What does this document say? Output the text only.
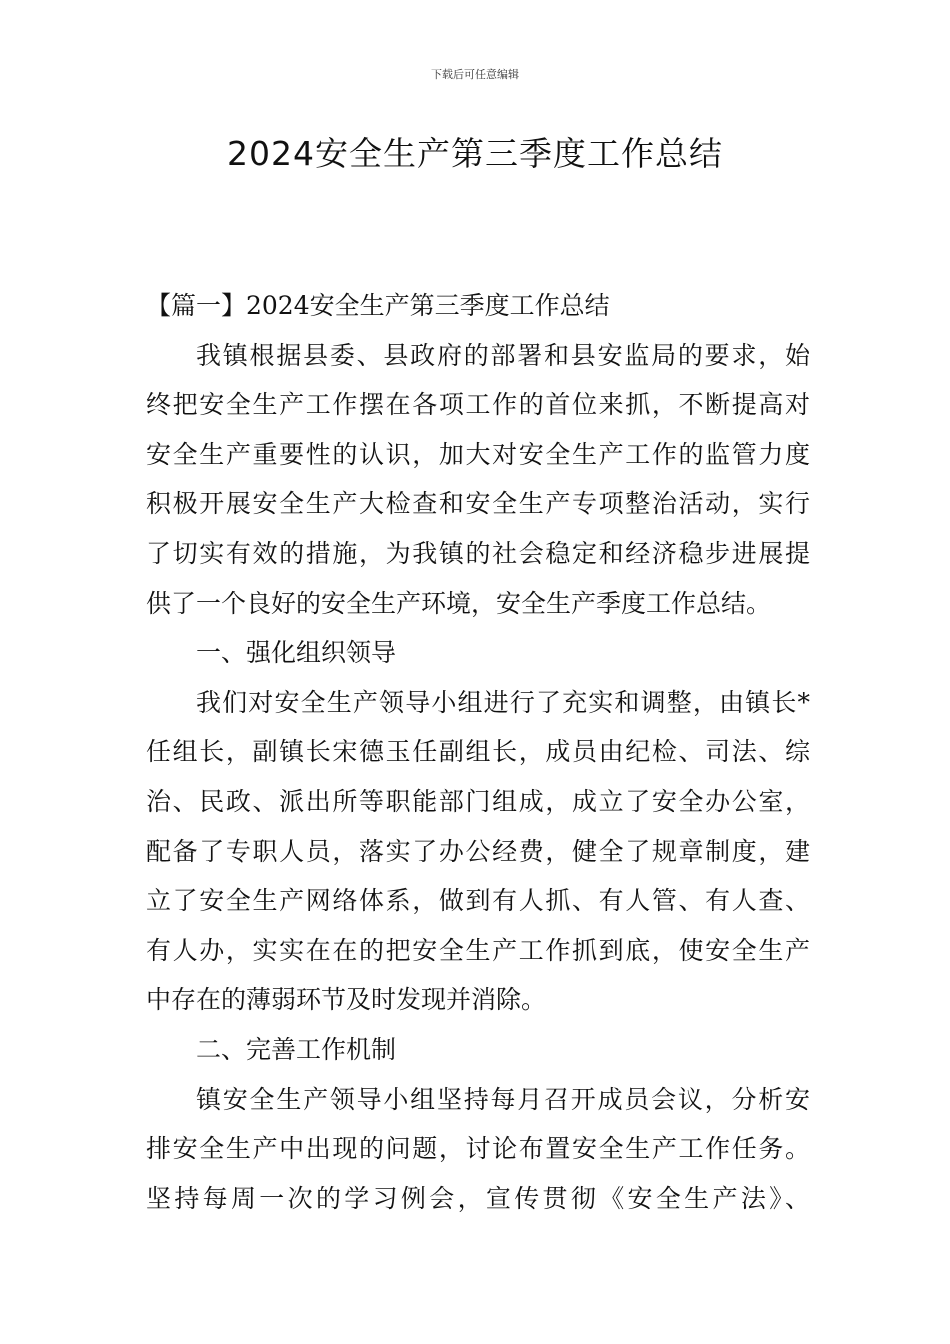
下载后可任意编辑
2024安全生产第三季度工作总结
【篇一】2024安全生产第三季度工作总结
我镇根据县委、县政府的部署和县安监局的要求，始
终把安全生产工作摆在各项工作的首位来抓，不断提高对
安全生产重要性的认识，加大对安全生产工作的监管力度
积极开展安全生产大检查和安全生产专项整治活动，实行
了切实有效的措施，为我镇的社会稳定和经济稳步进展提
供了一个良好的安全生产环境，安全生产季度工作总结。
一、强化组织领导
我们对安全生产领导小组进行了充实和调整，由镇长*
任组长，副镇长宋德玉任副组长，成员由纪检、司法、综
治、民政、派出所等职能部门组成，成立了安全办公室，
配备了专职人员，落实了办公经费，健全了规章制度，建
立了安全生产网络体系，做到有人抓、有人管、有人查、
有人办，实实在在的把安全生产工作抓到底，使安全生产
中存在的薄弱环节及时发现并消除。
二、完善工作机制
镇安全生产领导小组坚持每月召开成员会议，分析安
排安全生产中出现的问题，讨论布置安全生产工作任务。
坚持每周一次的学习例会，宣传贯彻《安全生产法》、
